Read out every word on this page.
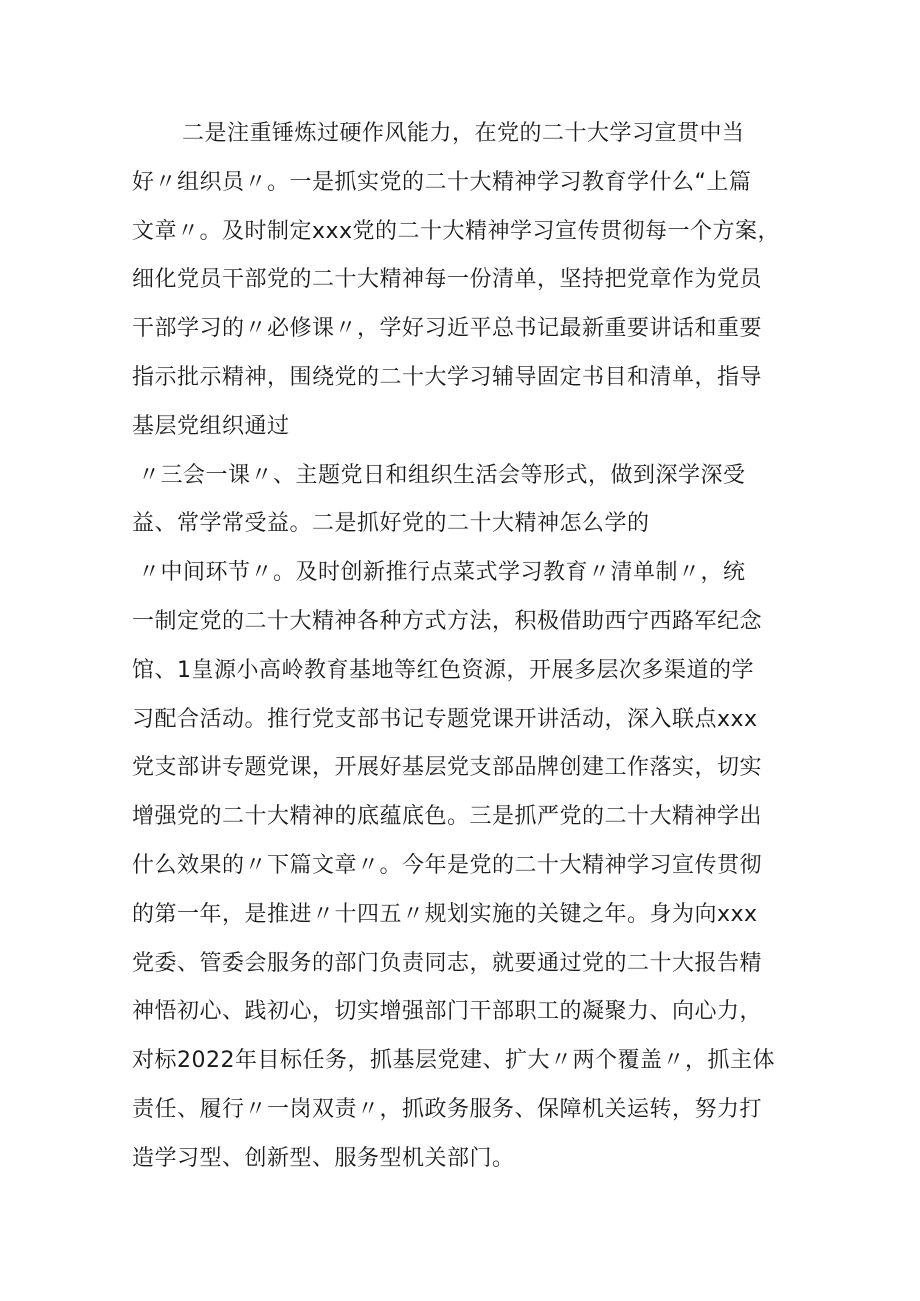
二是注重锤炼过硬作风能力，在党的二十大学习宣贯中当
好〃组织员〃。一是抓实党的二十大精神学习教育学什么“上篇
文章〃。及时制定xxx党的二十大精神学习宣传贯彻每一个方案，
细化党员干部党的二十大精神每一份清单，坚持把党章作为党员
干部学习的〃必修课〃，学好习近平总书记最新重要讲话和重要
指示批示精神，围绕党的二十大学习辅导固定书目和清单，指导
基层党组织通过
〃三会一课〃、主题党日和组织生活会等形式，做到深学深受
益、常学常受益。二是抓好党的二十大精神怎么学的
〃中间环节〃。及时创新推行点菜式学习教育〃清单制〃，统
一制定党的二十大精神各种方式方法，积极借助西宁西路军纪念
馆、1皇源小高岭教育基地等红色资源，开展多层次多渠道的学
习配合活动。推行党支部书记专题党课开讲活动，深入联点xxx
党支部讲专题党课，开展好基层党支部品牌创建工作落实，切实
增强党的二十大精神的底蕴底色。三是抓严党的二十大精神学出
什么效果的〃下篇文章〃。今年是党的二十大精神学习宣传贯彻
的第一年，是推进〃十四五〃规划实施的关键之年。身为向xxx
党委、管委会服务的部门负责同志，就要通过党的二十大报告精
神悟初心、践初心，切实增强部门干部职工的凝聚力、向心力，
对标2022年目标任务，抓基层党建、扩大〃两个覆盖〃，抓主体
责任、履行〃一岗双责〃，抓政务服务、保障机关运转，努力打
造学习型、创新型、服务型机关部门。
